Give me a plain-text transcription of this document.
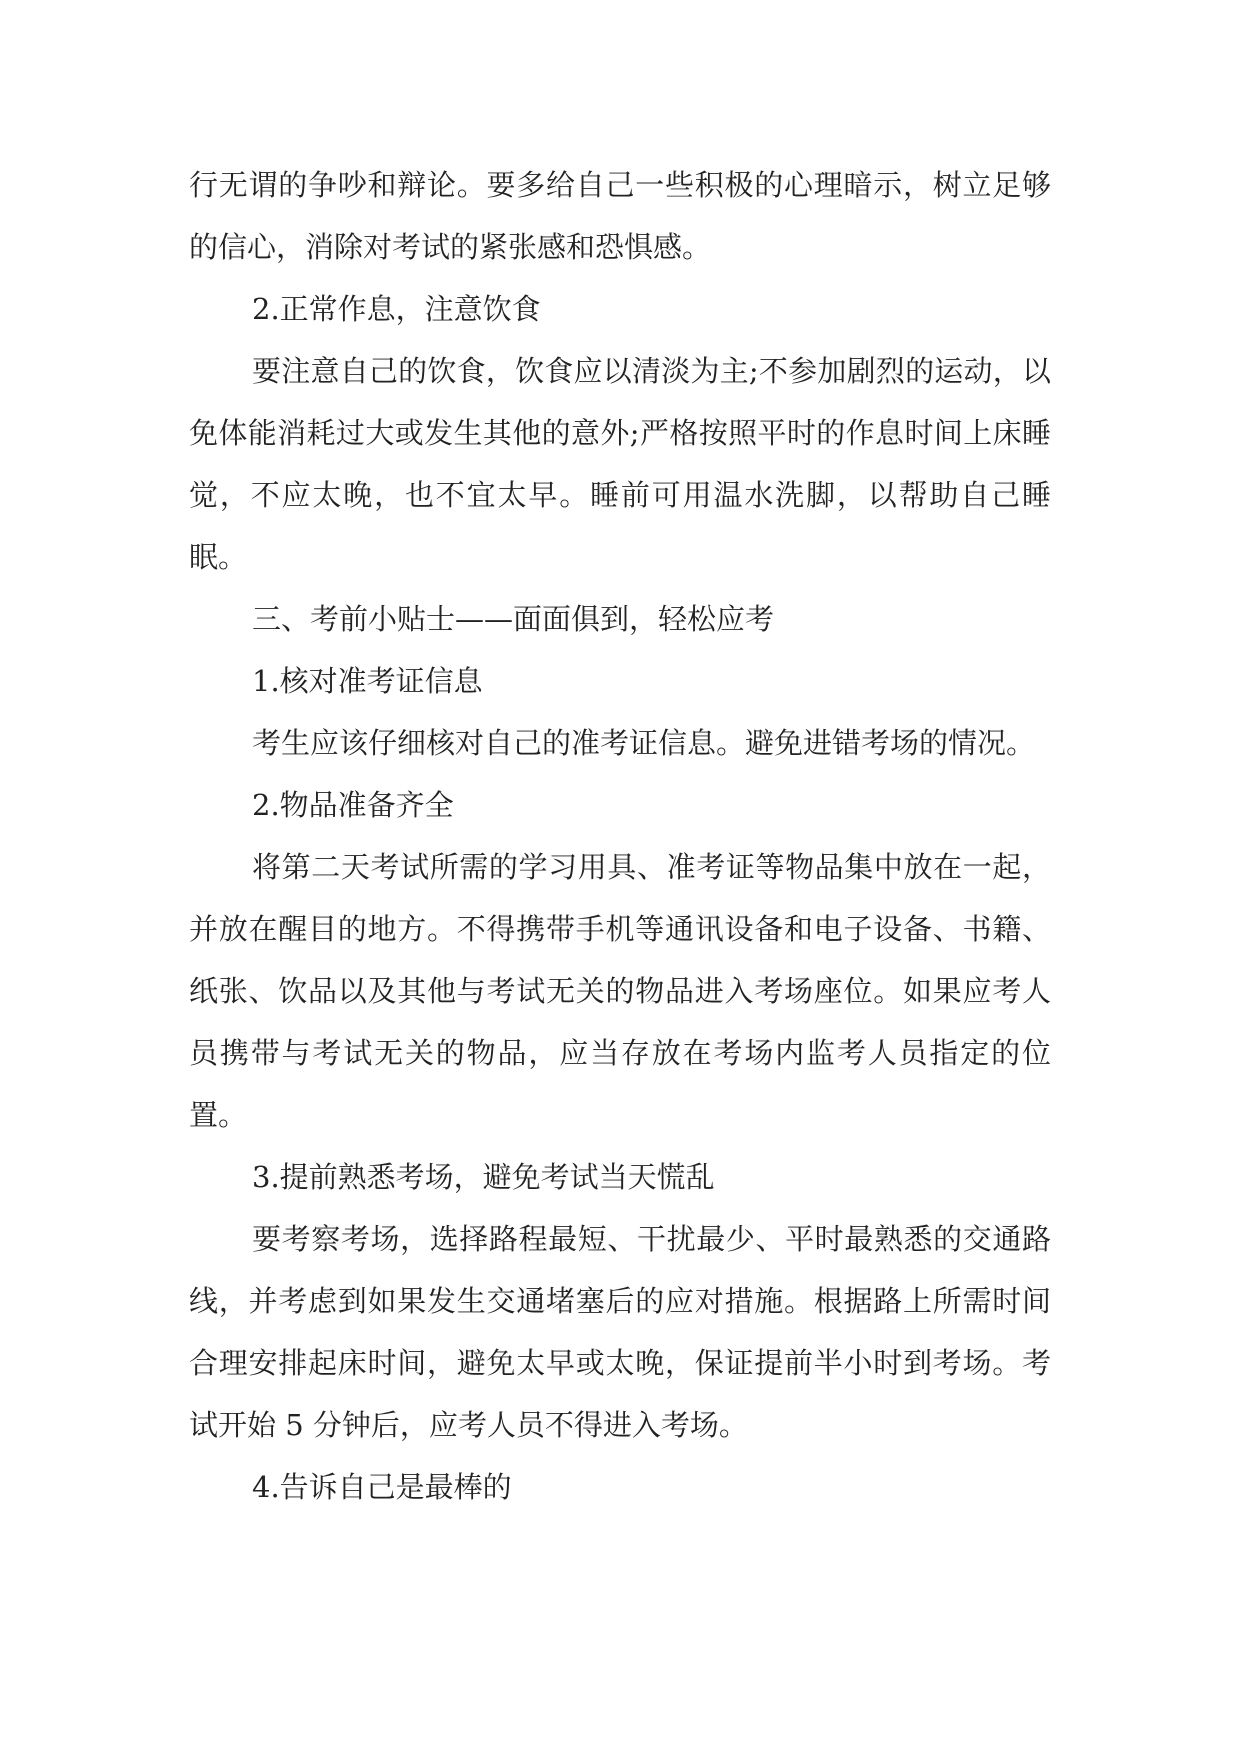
行无谓的争吵和辩论。要多给自己一些积极的心理暗示，树立足够的信心，消除对考试的紧张感和恐惧感。

2.正常作息，注意饮食

要注意自己的饮食，饮食应以清淡为主;不参加剧烈的运动，以免体能消耗过大或发生其他的意外;严格按照平时的作息时间上床睡觉，不应太晚，也不宜太早。睡前可用温水洗脚，以帮助自己睡眠。

三、考前小贴士——面面俱到，轻松应考

1.核对准考证信息

考生应该仔细核对自己的准考证信息。避免进错考场的情况。

2.物品准备齐全

将第二天考试所需的学习用具、准考证等物品集中放在一起，并放在醒目的地方。不得携带手机等通讯设备和电子设备、书籍、纸张、饮品以及其他与考试无关的物品进入考场座位。如果应考人员携带与考试无关的物品，应当存放在考场内监考人员指定的位置。

3.提前熟悉考场，避免考试当天慌乱

要考察考场，选择路程最短、干扰最少、平时最熟悉的交通路线，并考虑到如果发生交通堵塞后的应对措施。根据路上所需时间合理安排起床时间，避免太早或太晚，保证提前半小时到考场。考试开始 5 分钟后，应考人员不得进入考场。

4.告诉自己是最棒的
